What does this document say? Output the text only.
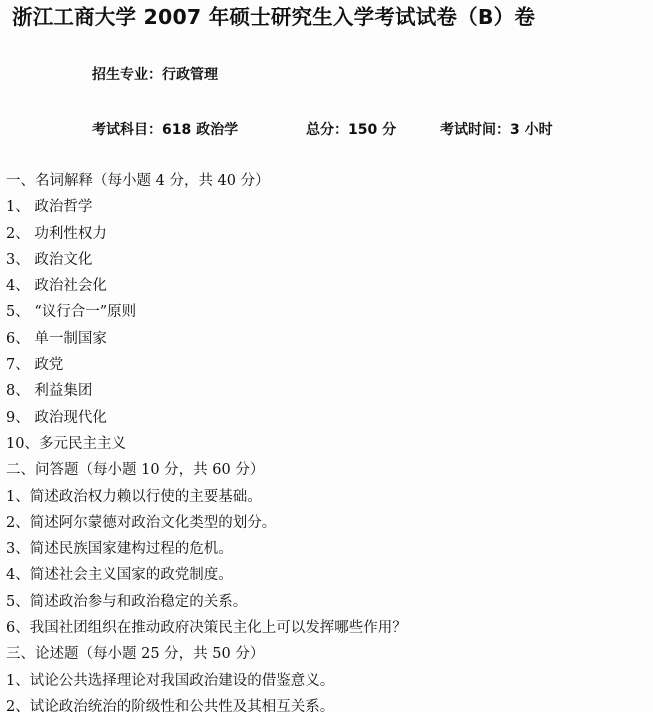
浙江工商大学 2007 年硕士研究生入学考试试卷（B）卷
招生专业：行政管理
考试科目：618 政治学	总分：150 分	考试时间：3 小时
一、名词解释（每小题 4 分，共 40 分）
1、 政治哲学
2、 功利性权力
3、 政治文化
4、 政治社会化
5、 “议行合一”原则
6、 单一制国家
7、 政党
8、 利益集团
9、 政治现代化
10、多元民主主义
二、问答题（每小题 10 分，共 60 分）
1、简述政治权力赖以行使的主要基础。
2、简述阿尔蒙德对政治文化类型的划分。
3、简述民族国家建构过程的危机。
4、简述社会主义国家的政党制度。
5、简述政治参与和政治稳定的关系。
6、我国社团组织在推动政府决策民主化上可以发挥哪些作用？
三、论述题（每小题 25 分，共 50 分）
1、试论公共选择理论对我国政治建设的借鉴意义。
2、试论政治统治的阶级性和公共性及其相互关系。
